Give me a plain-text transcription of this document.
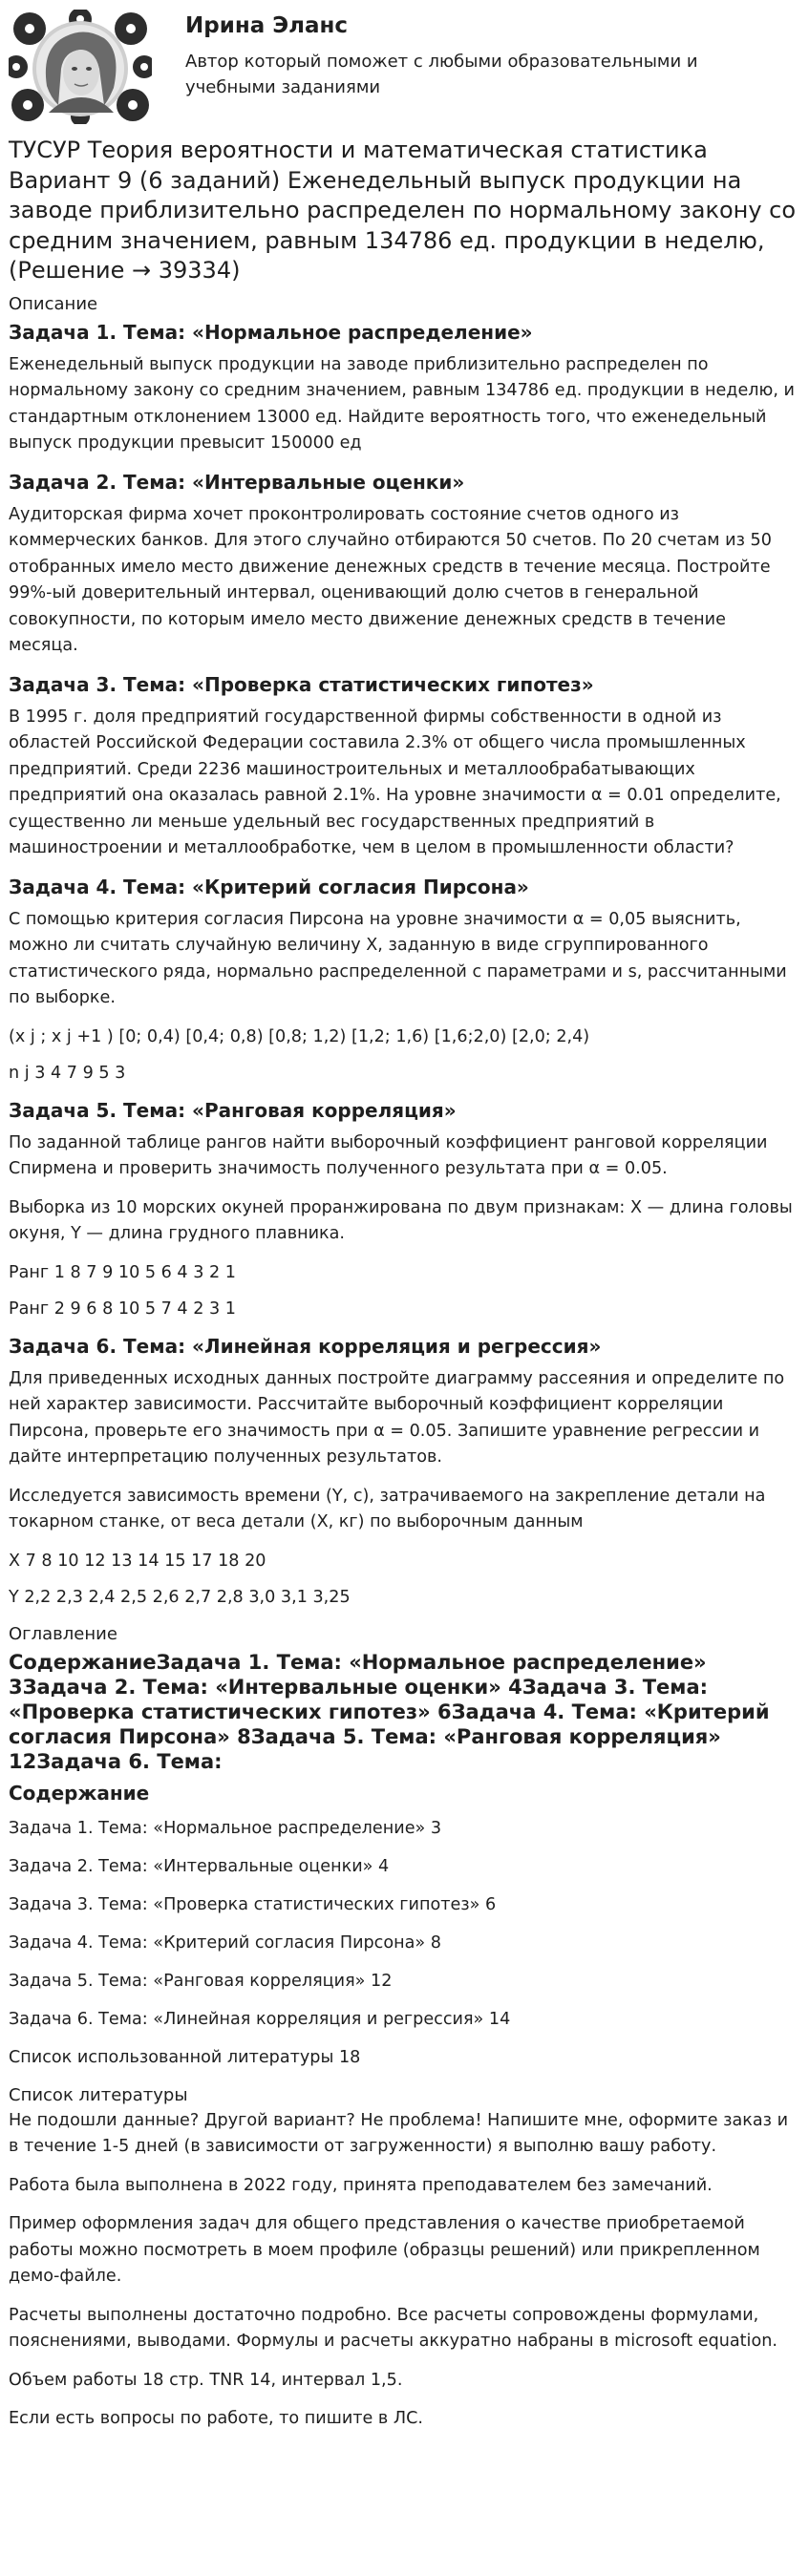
Ирина Эланс

Автор который поможет с любыми образовательными и учебными заданиями

ТУСУР Теория вероятности и математическая статистика Вариант 9 (6 заданий) Еженедельный выпуск продукции на заводе приблизительно распределен по нормальному закону со средним значением, равным 134786 ед. продукции в неделю, (Решение → 39334)
Описание
Задача 1. Тема: «Нормальное распределение»

Еженедельный выпуск продукции на заводе приблизительно распределен по нормальному закону со средним значением, равным 134786 ед. продукции в неделю, и стандартным отклонением 13000 ед. Найдите вероятность того, что еженедельный выпуск продукции превысит 150000 ед

Задача 2. Тема: «Интервальные оценки»

Аудиторская фирма хочет проконтролировать состояние счетов одного из коммерческих банков. Для этого случайно отбираются 50 счетов. По 20 счетам из 50 отобранных имело место движение денежных средств в течение месяца. Постройте 99%-ый доверительный интервал, оценивающий долю счетов в генеральной совокупности, по которым имело место движение денежных средств в течение месяца.

Задача 3. Тема: «Проверка статистических гипотез»

В 1995 г. доля предприятий государственной фирмы собственности в одной из областей Российской Федерации составила 2.3% от общего числа промышленных предприятий. Среди 2236 машиностроительных и металлообрабатывающих предприятий она оказалась равной 2.1%. На уровне значимости α = 0.01 определите, существенно ли меньше удельный вес государственных предприятий в машиностроении и металлообработке, чем в целом в промышленности области?

Задача 4. Тема: «Критерий согласия Пирсона»

С помощью критерия согласия Пирсона на уровне значимости α = 0,05 выяснить, можно ли считать случайную величину X, заданную в виде сгруппированного статистического ряда, нормально распределенной с параметрами и s, рассчитанными по выборке.

(x j ; x j +1 ) [0; 0,4) [0,4; 0,8) [0,8; 1,2) [1,2; 1,6) [1,6;2,0) [2,0; 2,4)

n j 3 4 7 9 5 3

Задача 5. Тема: «Ранговая корреляция»

По заданной таблице рангов найти выборочный коэффициент ранговой корреляции Спирмена и проверить значимость полученного результата при α = 0.05.

Выборка из 10 морских окуней проранжирована по двум признакам: X — длина головы окуня, Y — длина грудного плавника.

Ранг 1 8 7 9 10 5 6 4 3 2 1

Ранг 2 9 6 8 10 5 7 4 2 3 1

Задача 6. Тема: «Линейная корреляция и регрессия»

Для приведенных исходных данных постройте диаграмму рассеяния и определите по ней характер зависимости. Рассчитайте выборочный коэффициент корреляции Пирсона, проверьте его значимость при α = 0.05. Запишите уравнение регрессии и дайте интерпретацию полученных результатов.

Исследуется зависимость времени (Y, c), затрачиваемого на закрепление детали на токарном станке, от веса детали (X, кг) по выборочным данным

X 7 8 10 12 13 14 15 17 18 20

Y 2,2 2,3 2,4 2,5 2,6 2,7 2,8 3,0 3,1 3,25

Оглавление
СодержаниеЗадача 1. Тема: «Нормальное распределение» 3Задача 2. Тема: «Интервальные оценки» 4Задача 3. Тема: «Проверка статистических гипотез» 6Задача 4. Тема: «Критерий согласия Пирсона» 8Задача 5. Тема: «Ранговая корреляция» 12Задача 6. Тема:
Содержание
Задача 1. Тема: «Нормальное распределение» 3
Задача 2. Тема: «Интервальные оценки» 4
Задача 3. Тема: «Проверка статистических гипотез» 6
Задача 4. Тема: «Критерий согласия Пирсона» 8
Задача 5. Тема: «Ранговая корреляция» 12
Задача 6. Тема: «Линейная корреляция и регрессия» 14
Список использованной литературы 18
Список литературы

Не подошли данные? Другой вариант? Не проблема! Напишите мне, оформите заказ и в течение 1-5 дней (в зависимости от загруженности) я выполню вашу работу.

Работа была выполнена в 2022 году, принята преподавателем без замечаний.

Пример оформления задач для общего представления о качестве приобретаемой работы можно посмотреть в моем профиле (образцы решений) или прикрепленном демо-файле.

Расчеты выполнены достаточно подробно. Все расчеты сопровождены формулами, пояснениями, выводами. Формулы и расчеты аккуратно набраны в microsoft equation.

Объем работы 18 стр. TNR 14, интервал 1,5.

Если есть вопросы по работе, то пишите в ЛС.
